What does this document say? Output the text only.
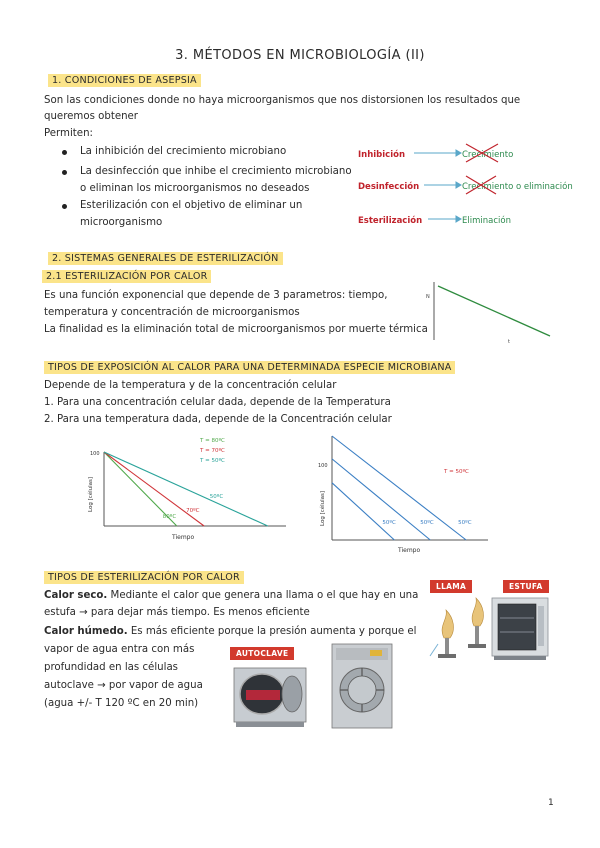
3. MÉTODOS EN MICROBIOLOGÍA (II)
1. CONDICIONES DE ASEPSIA
Son las condiciones donde no haya microorganismos que nos distorsionen los resultados que
queremos obtener
Permiten:
La inhibición del crecimiento microbiano
La desinfección que inhibe el crecimiento microbiano
o eliminan los microorganismos no deseados
Esterilización con el objetivo de eliminar un
microorganismo
Inhibición
Desinfección
Esterilización
Crecimiento
Crecimiento o eliminación
Eliminación
2. SISTEMAS GENERALES DE ESTERILIZACIÓN
2.1 ESTERILIZACIÓN POR CALOR
Es una función exponencial que depende de 3 parametros: tiempo,
temperatura y concentración de microorganismos
La finalidad es la eliminación total de microorganismos por muerte térmica
N
t
TIPOS DE EXPOSICIÓN AL CALOR PARA UNA DETERMINADA ESPECIE MICROBIANA
Depende de la temperatura y de la concentración celular
1. Para una concentración celular dada, depende de la Temperatura
2. Para una temperatura dada, depende de la Concentración celular
100
Log [células]
Tiempo
T = 80ºC
T = 70ºC
T = 50ºC
80ºC
70ºC
50ºC
100
Log [células]
Tiempo
T = 50ºC
50ºC	50ºC	50ºC
TIPOS DE ESTERILIZACIÓN POR CALOR
Calor seco. Mediante el calor que genera una llama o el que hay en una
estufa → para dejar más tiempo. Es menos eficiente
Calor húmedo. Es más eficiente porque la presión aumenta y porque el
vapor de agua entra con más
profundidad en las células
autoclave → por vapor de agua
(agua +/- T 120 ºC en 20 min)
LLAMA	ESTUFA
AUTOCLAVE
1
